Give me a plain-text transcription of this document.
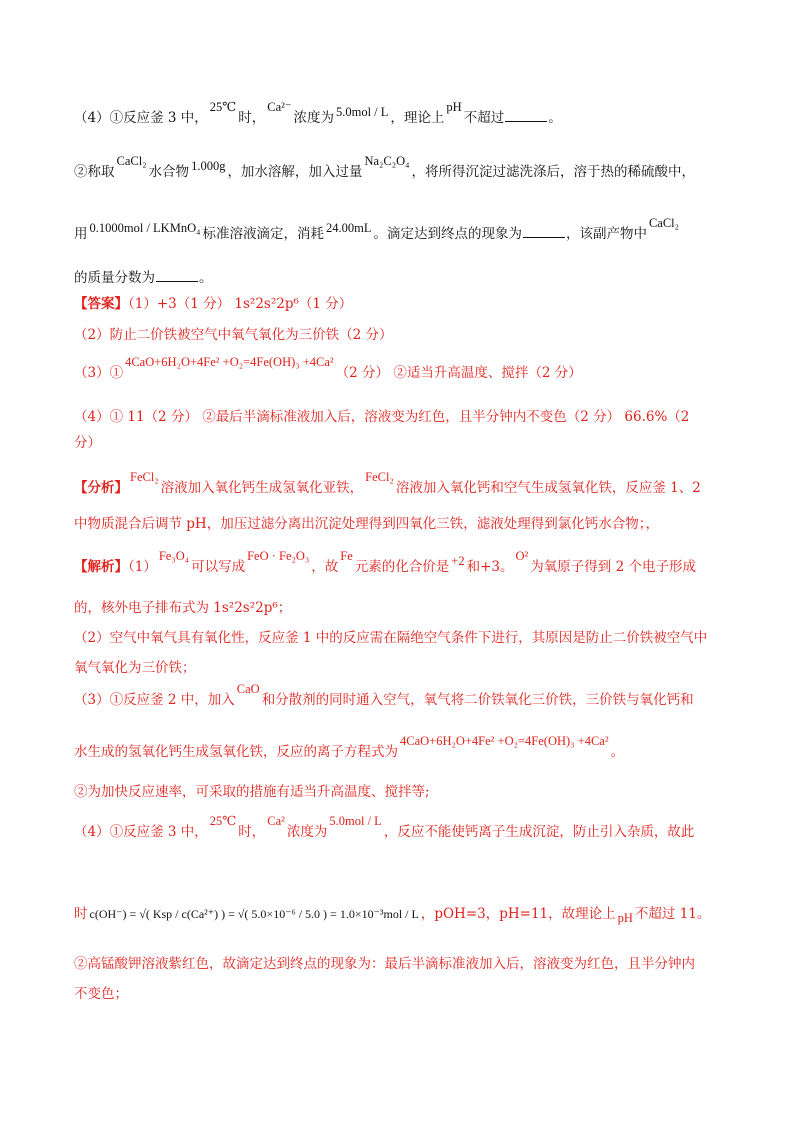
（4）①反应釜 3 中，25℃时，Ca²⁻浓度为 5.0mol / L ，理论上pH不超过	。
②称取CaCl₂水合物 1.000g ，加水溶解，加入过量Na₂C₂O₄，将所得沉淀过滤洗涤后，溶于热的稀硫酸中，
用 0.1000mol / LKMnO₄ 标准溶液滴定，消耗 24.00mL 。滴定达到终点的现象为	，该副产物中CaCl₂
的质量分数为	。
【答案】（1）+3（1 分） 1s²2s²2p⁶（1 分）
（2）防止二价铁被空气中氧气氧化为三价铁（2 分）
（3）①4CaO+6H₂O+4Fe² +O₂=4Fe(OH)₃ +4Ca²（2 分） ②适当升高温度、搅拌（2 分）
（4）① 11（2 分） ②最后半滴标准液加入后，溶液变为红色，且半分钟内不变色（2 分） 66.6%（2
分）
【分析】FeCl₂溶液加入氧化钙生成氢氧化亚铁，FeCl₂溶液加入氧化钙和空气生成氢氧化铁，反应釜 1、2
中物质混合后调节 pH，加压过滤分离出沉淀处理得到四氧化三铁，滤液处理得到氯化钙水合物；，
【解析】（1）Fe₃O₄可以写成FeO · Fe₂O₃，故Fe元素的化合价是 +2 和+3。O²为氧原子得到 2 个电子形成
的，核外电子排布式为 1s²2s²2p⁶；
（2）空气中氧气具有氧化性，反应釜 1 中的反应需在隔绝空气条件下进行，其原因是防止二价铁被空气中
氧气氧化为三价铁；
（3）①反应釜 2 中，加入CaO和分散剂的同时通入空气，氧气将二价铁氧化三价铁，三价铁与氧化钙和
水生成的氢氧化钙生成氢氧化铁，反应的离子方程式为4CaO+6H₂O+4Fe² +O₂=4Fe(OH)₃ +4Ca²。
②为加快反应速率，可采取的措施有适当升高温度、搅拌等;
（4）①反应釜 3 中，25℃时，Ca²浓度为5.0mol / L，反应不能使钙离子生成沉淀，防止引入杂质，故此
时 c(OH⁻) = √( Ksp / c(Ca²⁺) ) = √( 5.0×10⁻⁶ / 5.0 ) = 1.0×10⁻³mol / L ，pOH=3，pH=11，故理论上 pH 不超过 11。
②高锰酸钾溶液紫红色，故滴定达到终点的现象为：最后半滴标准液加入后，溶液变为红色，且半分钟内
不变色；
